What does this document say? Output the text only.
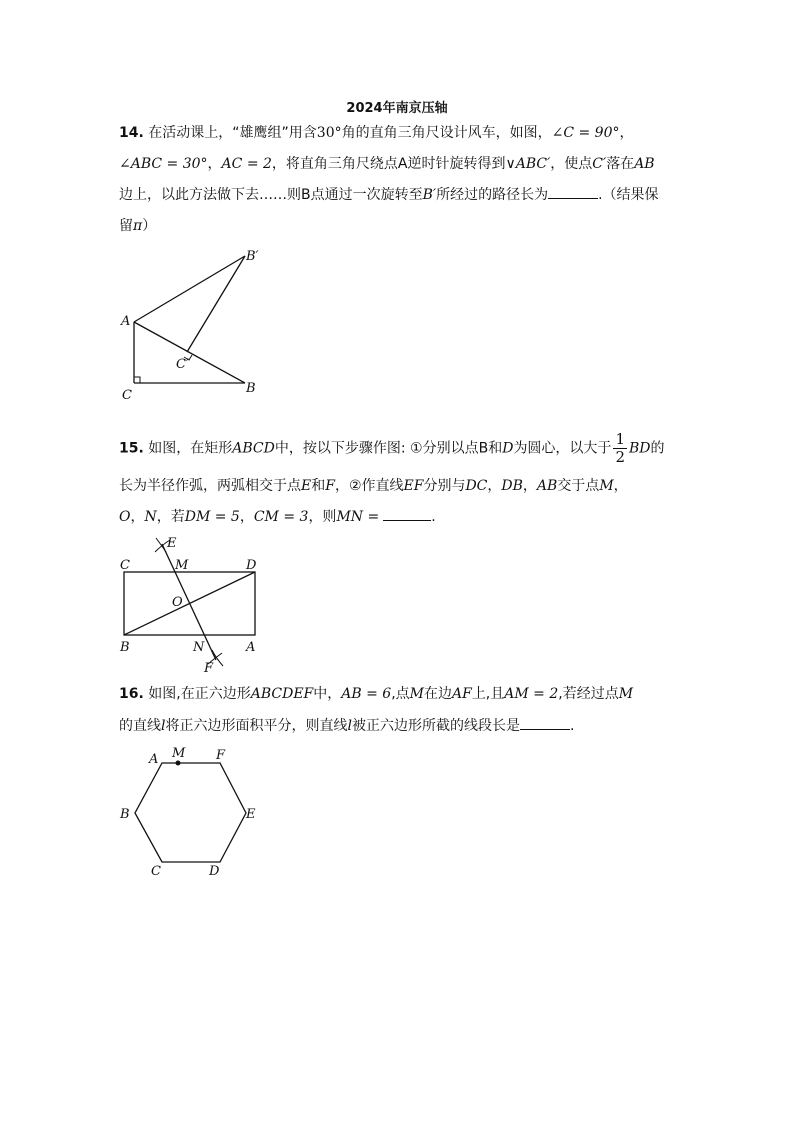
2024年南京压轴
14. 在活动课上，“雄鹰组”用含30°角的直角三角尺设计风车，如图，∠C = 90°，
∠ABC = 30°，AC = 2，将直角三角尺绕点A逆时针旋转得到∨ABC′，使点C′落在AB
边上，以此方法做下去……则B点通过一次旋转至B′所经过的路径长为	.（结果保
留π）
A
C	B
B′
C′
15. 如图，在矩形ABCD中，按以下步骤作图: ①分别以点B和D为圆心，以大于 $\frac{1}{2}$ BD的
长为半径作弧，两弧相交于点E和F，②作直线EF分别与DC，DB，AB交于点M，
O，N，若DM = 5，CM = 3，则MN =	.
C	M	D
E
O
B	N	A
F
16. 如图,在正六边形ABCDEF中，AB = 6,点M在边AF上,且AM = 2,若经过点M
的直线l将正六边形面积平分，则直线l被正六边形所截的线段长是	.
A M F
B	E
C	D
